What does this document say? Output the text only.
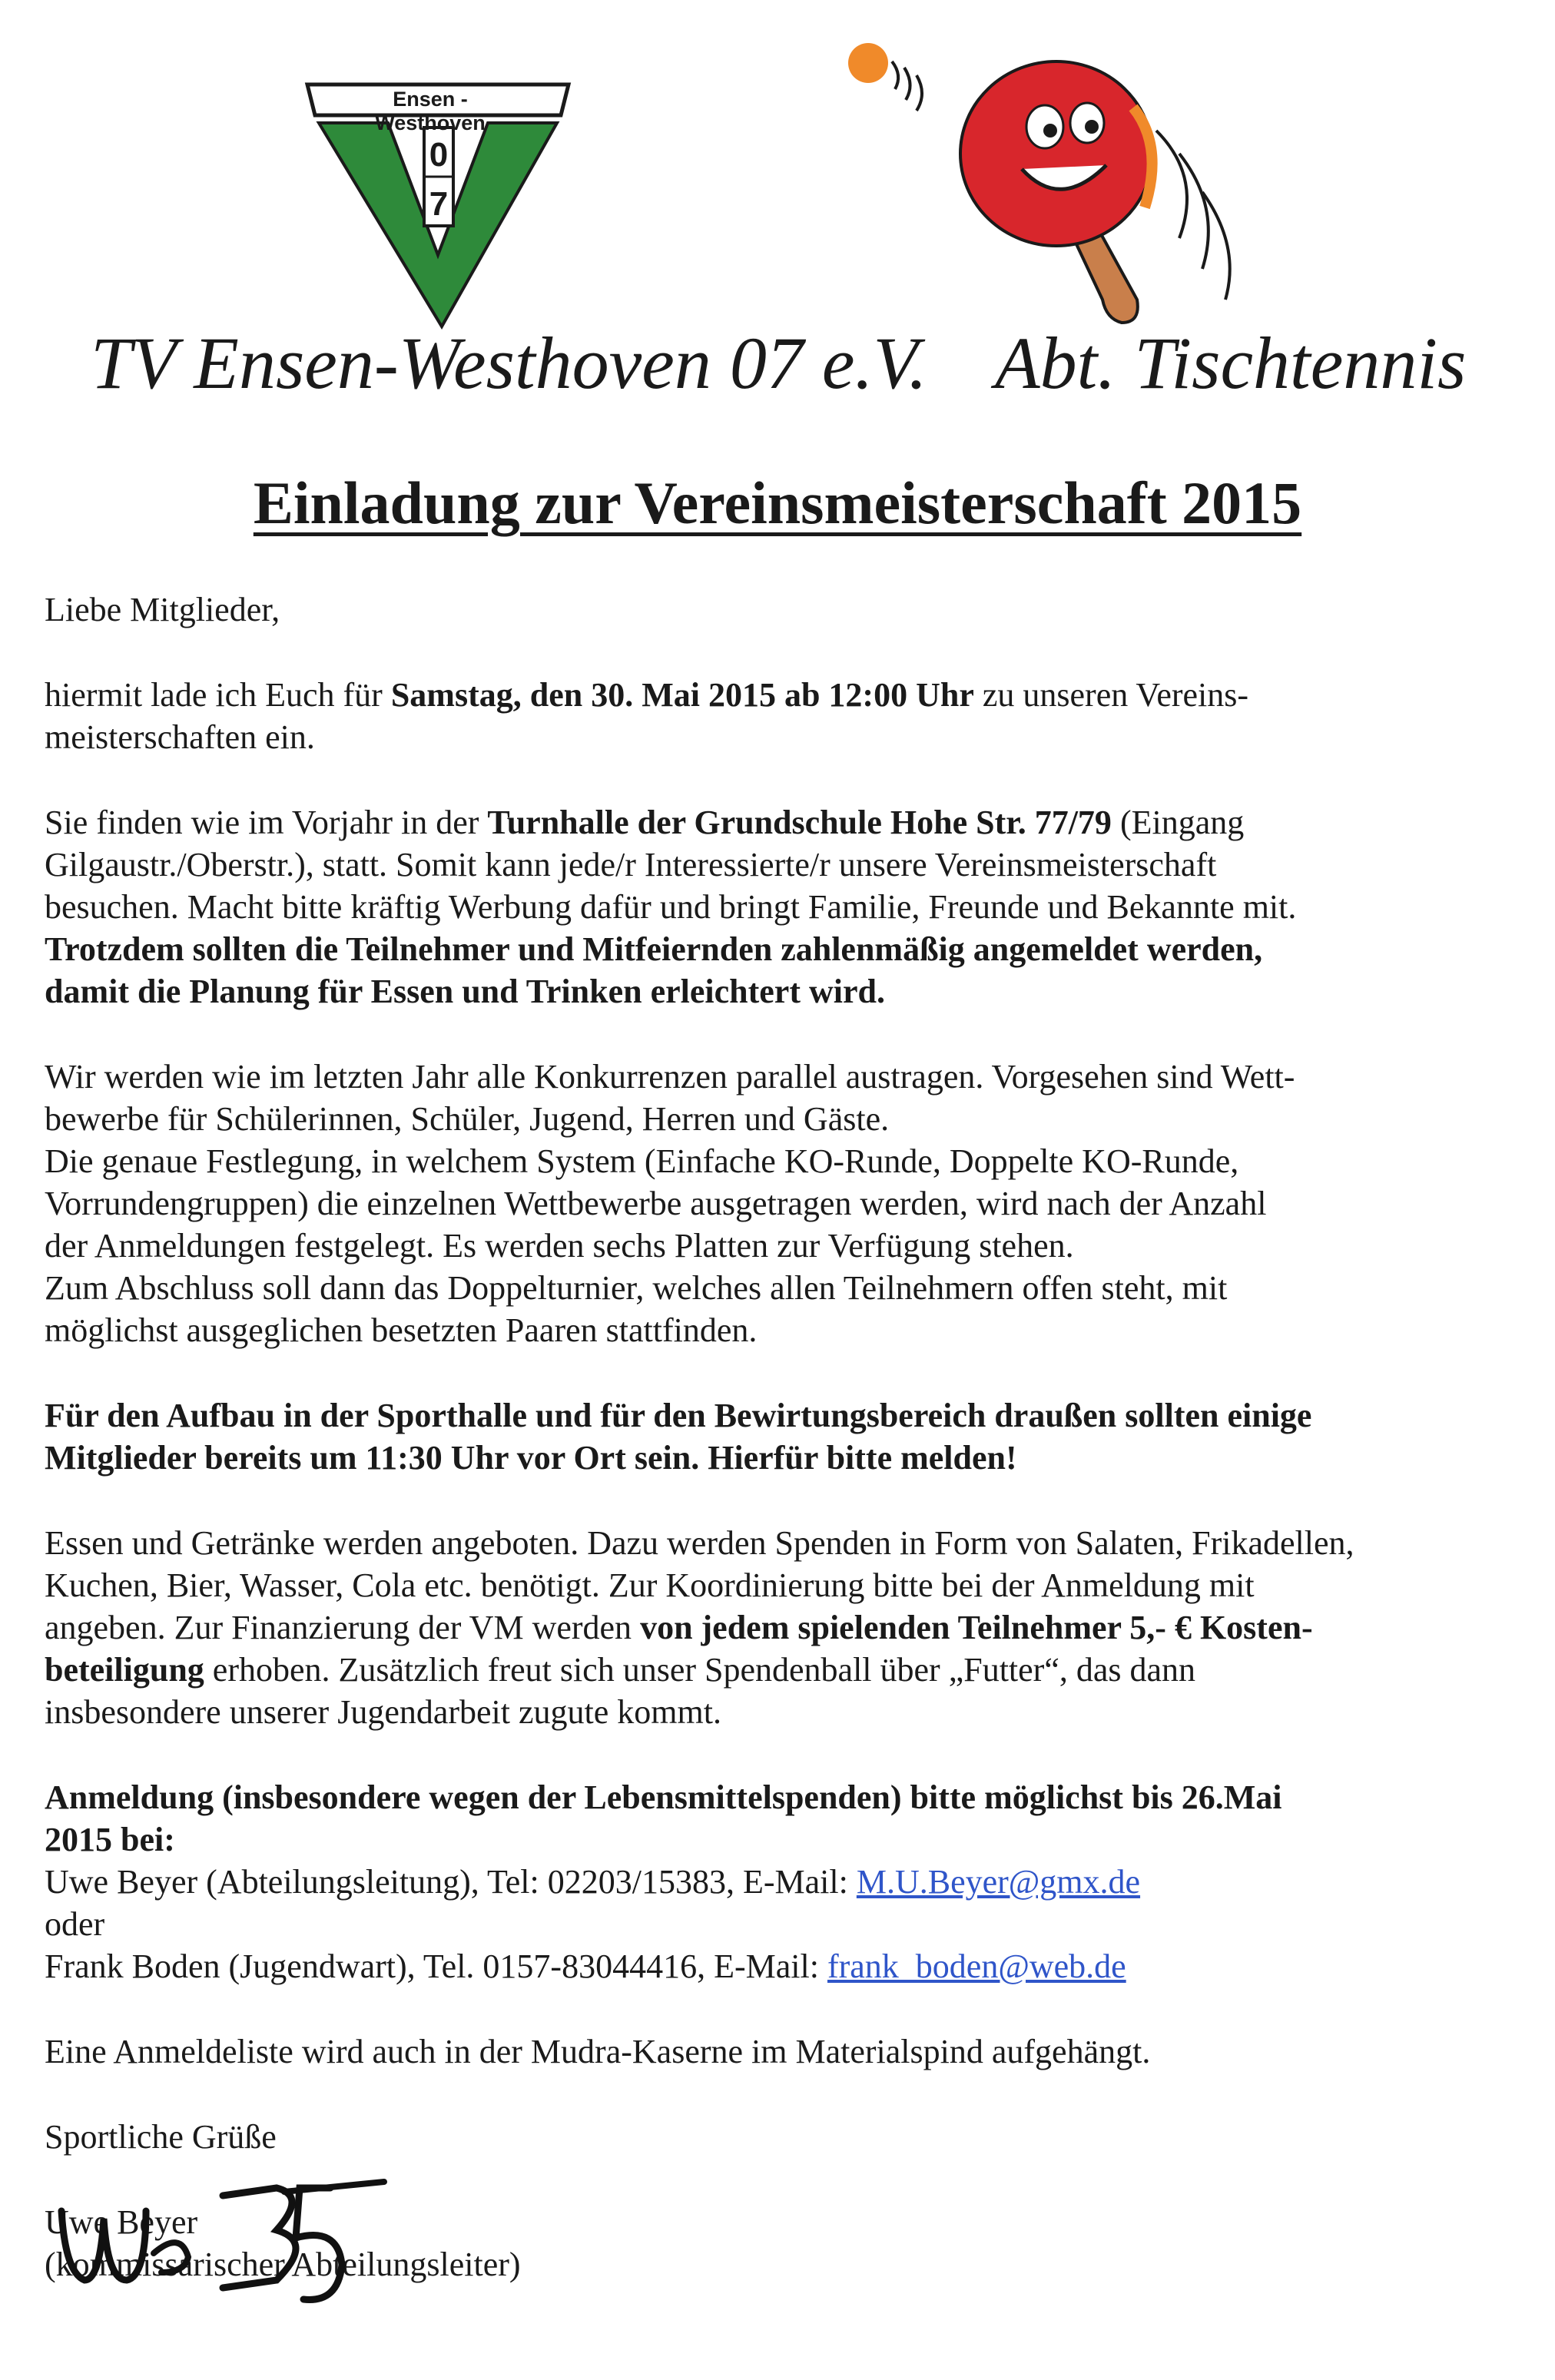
0
7
Ensen - Westhoven
TV Ensen-Westhoven 07 e.V. Abt. Tischtennis
Einladung zur Vereinsmeisterschaft 2015

Liebe Mitglieder,

hiermit lade ich Euch für Samstag, den 30. Mai 2015 ab 12:00 Uhr zu unseren Vereins-

meisterschaften ein.

Sie finden wie im Vorjahr in der Turnhalle der Grundschule Hohe Str. 77/79 (Eingang

Gilgaustr./Oberstr.), statt. Somit kann jede/r Interessierte/r unsere Vereinsmeisterschaft

besuchen. Macht bitte kräftig Werbung dafür und bringt Familie, Freunde und Bekannte mit.

Trotzdem sollten die Teilnehmer und Mitfeiernden zahlenmäßig angemeldet werden,

damit die Planung für Essen und Trinken erleichtert wird.

Wir werden wie im letzten Jahr alle Konkurrenzen parallel austragen. Vorgesehen sind Wett-

bewerbe für Schülerinnen, Schüler, Jugend, Herren und Gäste.

Die genaue Festlegung, in welchem System (Einfache KO-Runde, Doppelte KO-Runde,

Vorrundengruppen) die einzelnen Wettbewerbe ausgetragen werden, wird nach der Anzahl

der Anmeldungen festgelegt. Es werden sechs Platten zur Verfügung stehen.

Zum Abschluss soll dann das Doppelturnier, welches allen Teilnehmern offen steht, mit

möglichst ausgeglichen besetzten Paaren stattfinden.

Für den Aufbau in der Sporthalle und für den Bewirtungsbereich draußen sollten einige

Mitglieder bereits um 11:30 Uhr vor Ort sein. Hierfür bitte melden!

Essen und Getränke werden angeboten. Dazu werden Spenden in Form von Salaten, Frikadellen,

Kuchen, Bier, Wasser, Cola etc. benötigt. Zur Koordinierung bitte bei der Anmeldung mit

angeben. Zur Finanzierung der VM werden von jedem spielenden Teilnehmer 5,- € Kosten-

beteiligung erhoben. Zusätzlich freut sich unser Spendenball über „Futter“, das dann

insbesondere unserer Jugendarbeit zugute kommt.

Anmeldung (insbesondere wegen der Lebensmittelspenden) bitte möglichst bis 26.Mai

2015 bei:

Uwe Beyer (Abteilungsleitung), Tel: 02203/15383, E-Mail: M.U.Beyer@gmx.de

oder

Frank Boden (Jugendwart), Tel. 0157-83044416, E-Mail: frank_boden@web.de

Eine Anmeldeliste wird auch in der Mudra-Kaserne im Materialspind aufgehängt.

Sportliche Grüße

Uwe Beyer

(kommissarischer Abteilungsleiter)
